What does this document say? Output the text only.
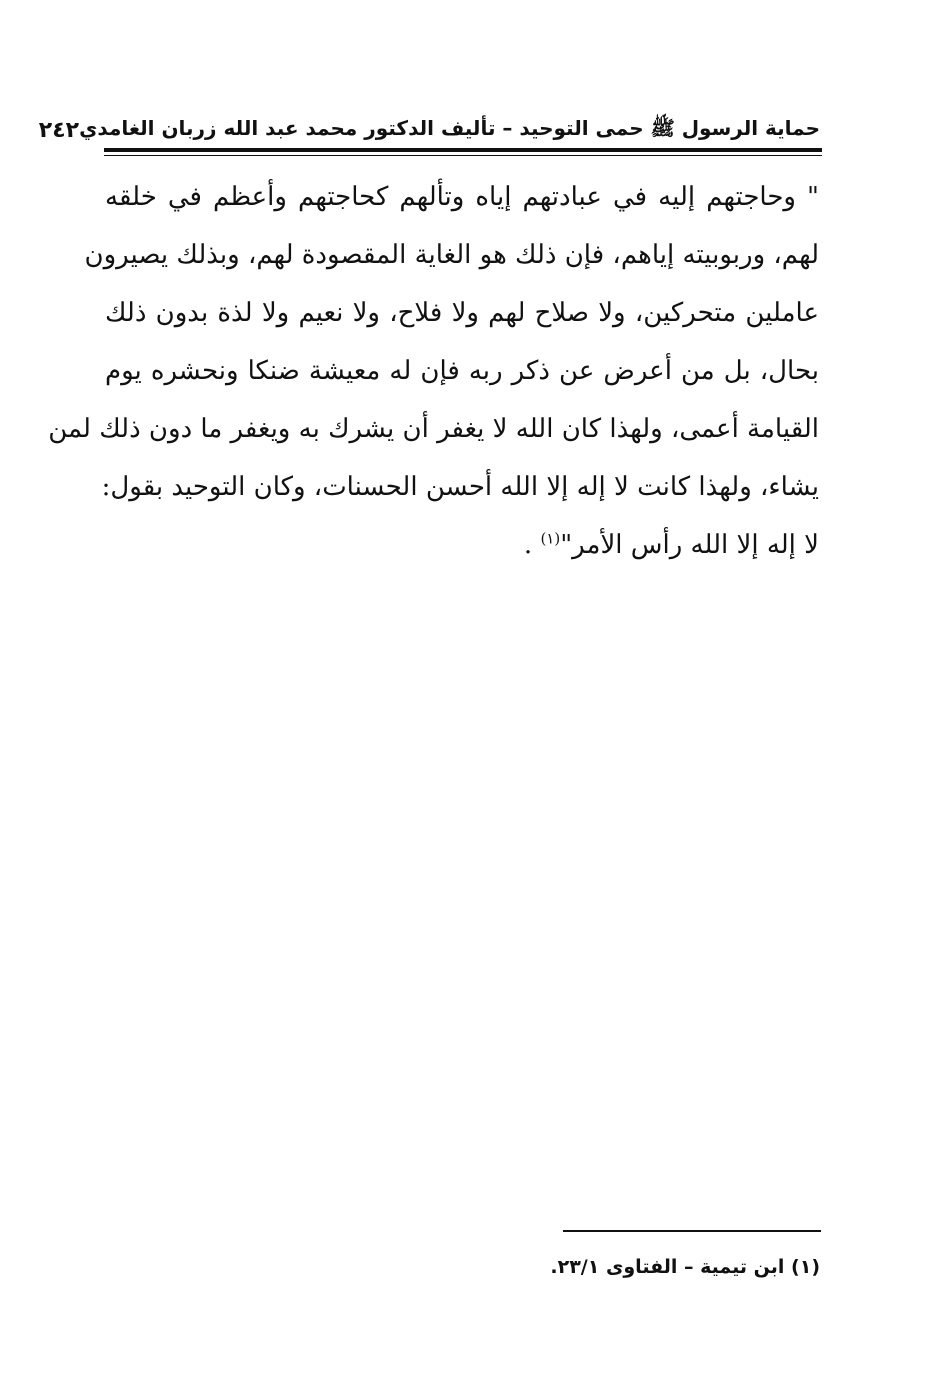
حماية الرسول ﷺ حمى التوحيد – تأليف الدكتور محمد عبد الله زربان الغامدي
٢٤٢
" وحاجتهم إليه في عبادتهم إياه وتألهم كحاجتهم وأعظم في خلقه
لهم، وربوبيته إياهم، فإن ذلك هو الغاية المقصودة لهم، وبذلك يصيرون
عاملين متحركين، ولا صلاح لهم ولا فلاح، ولا نعيم ولا لذة بدون ذلك
بحال، بل من أعرض عن ذكر ربه فإن له معيشة ضنكا ونحشره يوم
القيامة أعمى، ولهذا كان الله لا يغفر أن يشرك به ويغفر ما دون ذلك لمن
يشاء، ولهذا كانت لا إله إلا الله أحسن الحسنات، وكان التوحيد بقول:
لا إله إلا الله رأس الأمر"$^{(١)}$ .
(١) ابن تيمية – الفتاوى ٢٣/١.
